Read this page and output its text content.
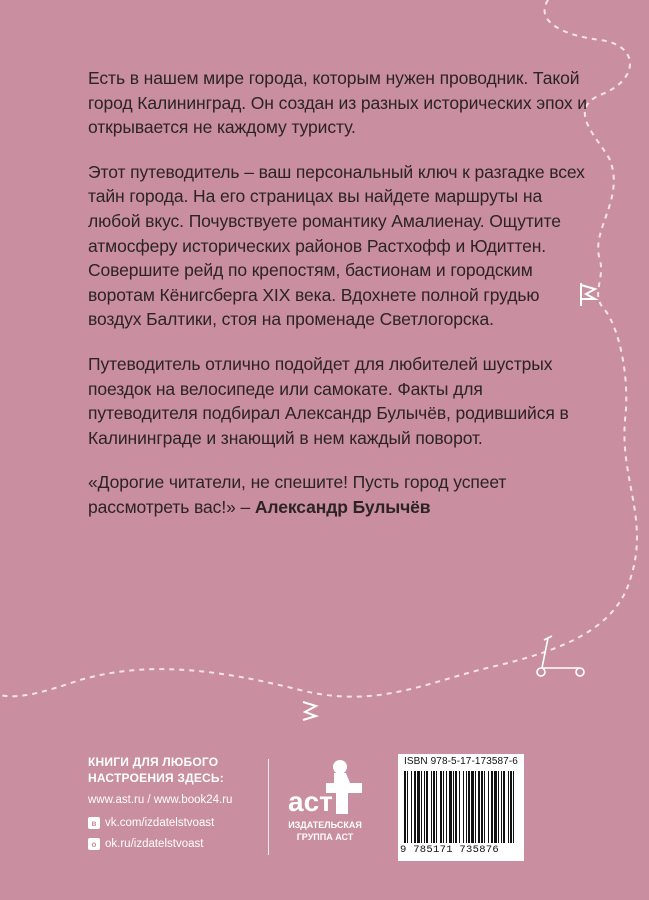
Есть в нашем мире города, которым нужен проводник. Такой город Калининград. Он создан из разных исторических эпох и открывается не каждому туристу.

Этот путеводитель – ваш персональный ключ к разгадке всех тайн города. На его страницах вы найдете маршруты на любой вкус. Почувствуете романтику Амалиенау. Ощутите атмосферу исторических районов Растхофф и Юдиттен. Совершите рейд по крепостям, бастионам и городским воротам Кёнигсберга XIX века. Вдохнете полной грудью воздух Балтики, стоя на променаде Светлогорска.

Путеводитель отлично подойдет для любителей шустрых поездок на велосипеде или самокате. Факты для путеводителя подбирал Александр Булычёв, родившийся в Калининграде и знающий в нем каждый поворот.

«Дорогие читатели, не спешите! Пусть город успеет рассмотреть вас!» – Александр Булычёв

КНИГИ ДЛЯ ЛЮБОГО
НАСТРОЕНИЯ ЗДЕСЬ:
www.ast.ru / www.book24.ru
в vk.com/izdatelstvoast
о ok.ru/izdatelstvoast
аст
ИЗДАТЕЛЬСКАЯ
ГРУППА АСТ
ISBN 978-5-17-173587-6
9 785171 735876
